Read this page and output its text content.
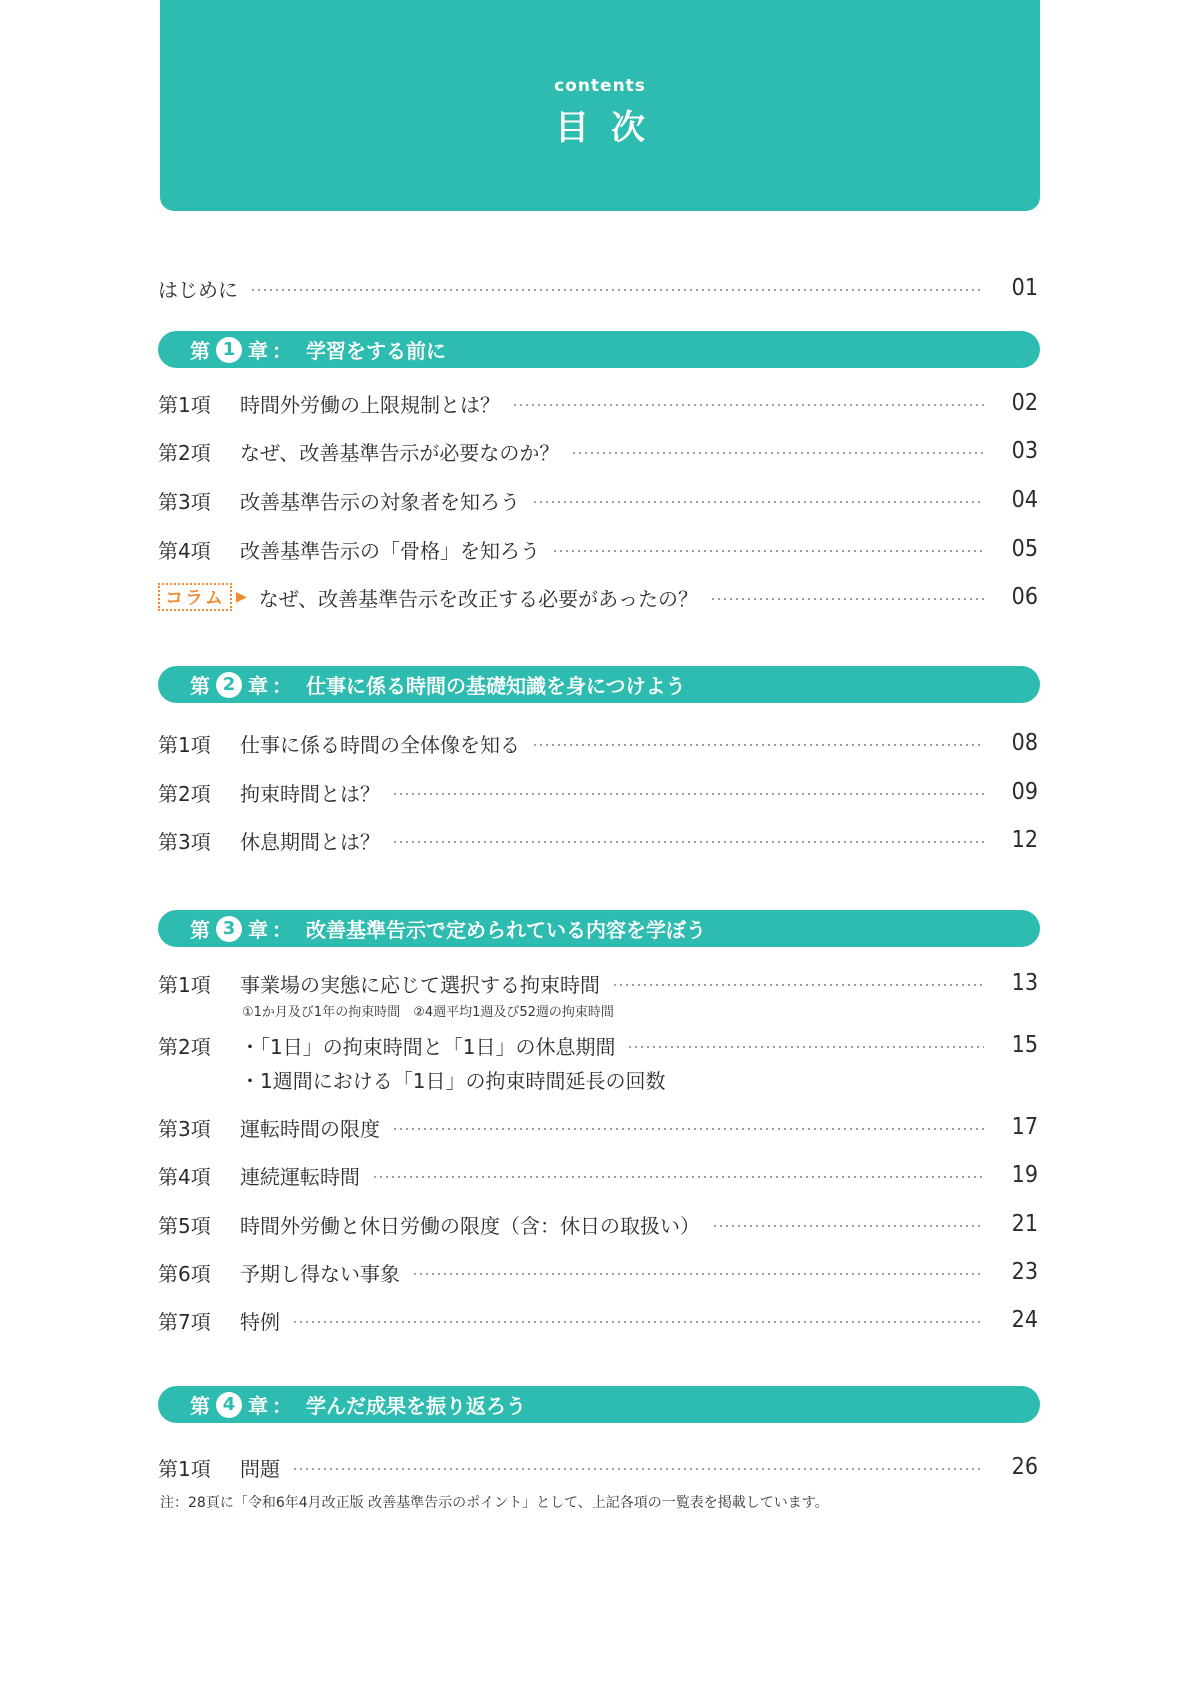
contents
目次
はじめに	01
第 1 章 ： 学習をする前に
第1項	時間外労働の上限規制とは？	02
第2項	なぜ、改善基準告示が必要なのか？	03
第3項	改善基準告示の対象者を知ろう	04
第4項	改善基準告示の「骨格」を知ろう	05
コラム ▶ なぜ、改善基準告示を改正する必要があったの？	06
第 2 章 ： 仕事に係る時間の基礎知識を身につけよう
第1項	仕事に係る時間の全体像を知る	08
第2項	拘束時間とは？	09
第3項	休息期間とは？	12
第 3 章 ： 改善基準告示で定められている内容を学ぼう
第1項	事業場の実態に応じて選択する拘束時間	13
①1か月及び1年の拘束時間　②4週平均1週及び52週の拘束時間
第2項	・「1日」の拘束時間と「1日」の休息期間	15
・1週間における「1日」の拘束時間延長の回数
第3項	運転時間の限度	17
第4項	連続運転時間	19
第5項	時間外労働と休日労働の限度（含：休日の取扱い）	21
第6項	予期し得ない事象	23
第7項	特例	24
第 4 章 ： 学んだ成果を振り返ろう
第1項	問題	26
注：28頁に「令和6年4月改正版 改善基準告示のポイント」として、上記各項の一覧表を掲載しています。
